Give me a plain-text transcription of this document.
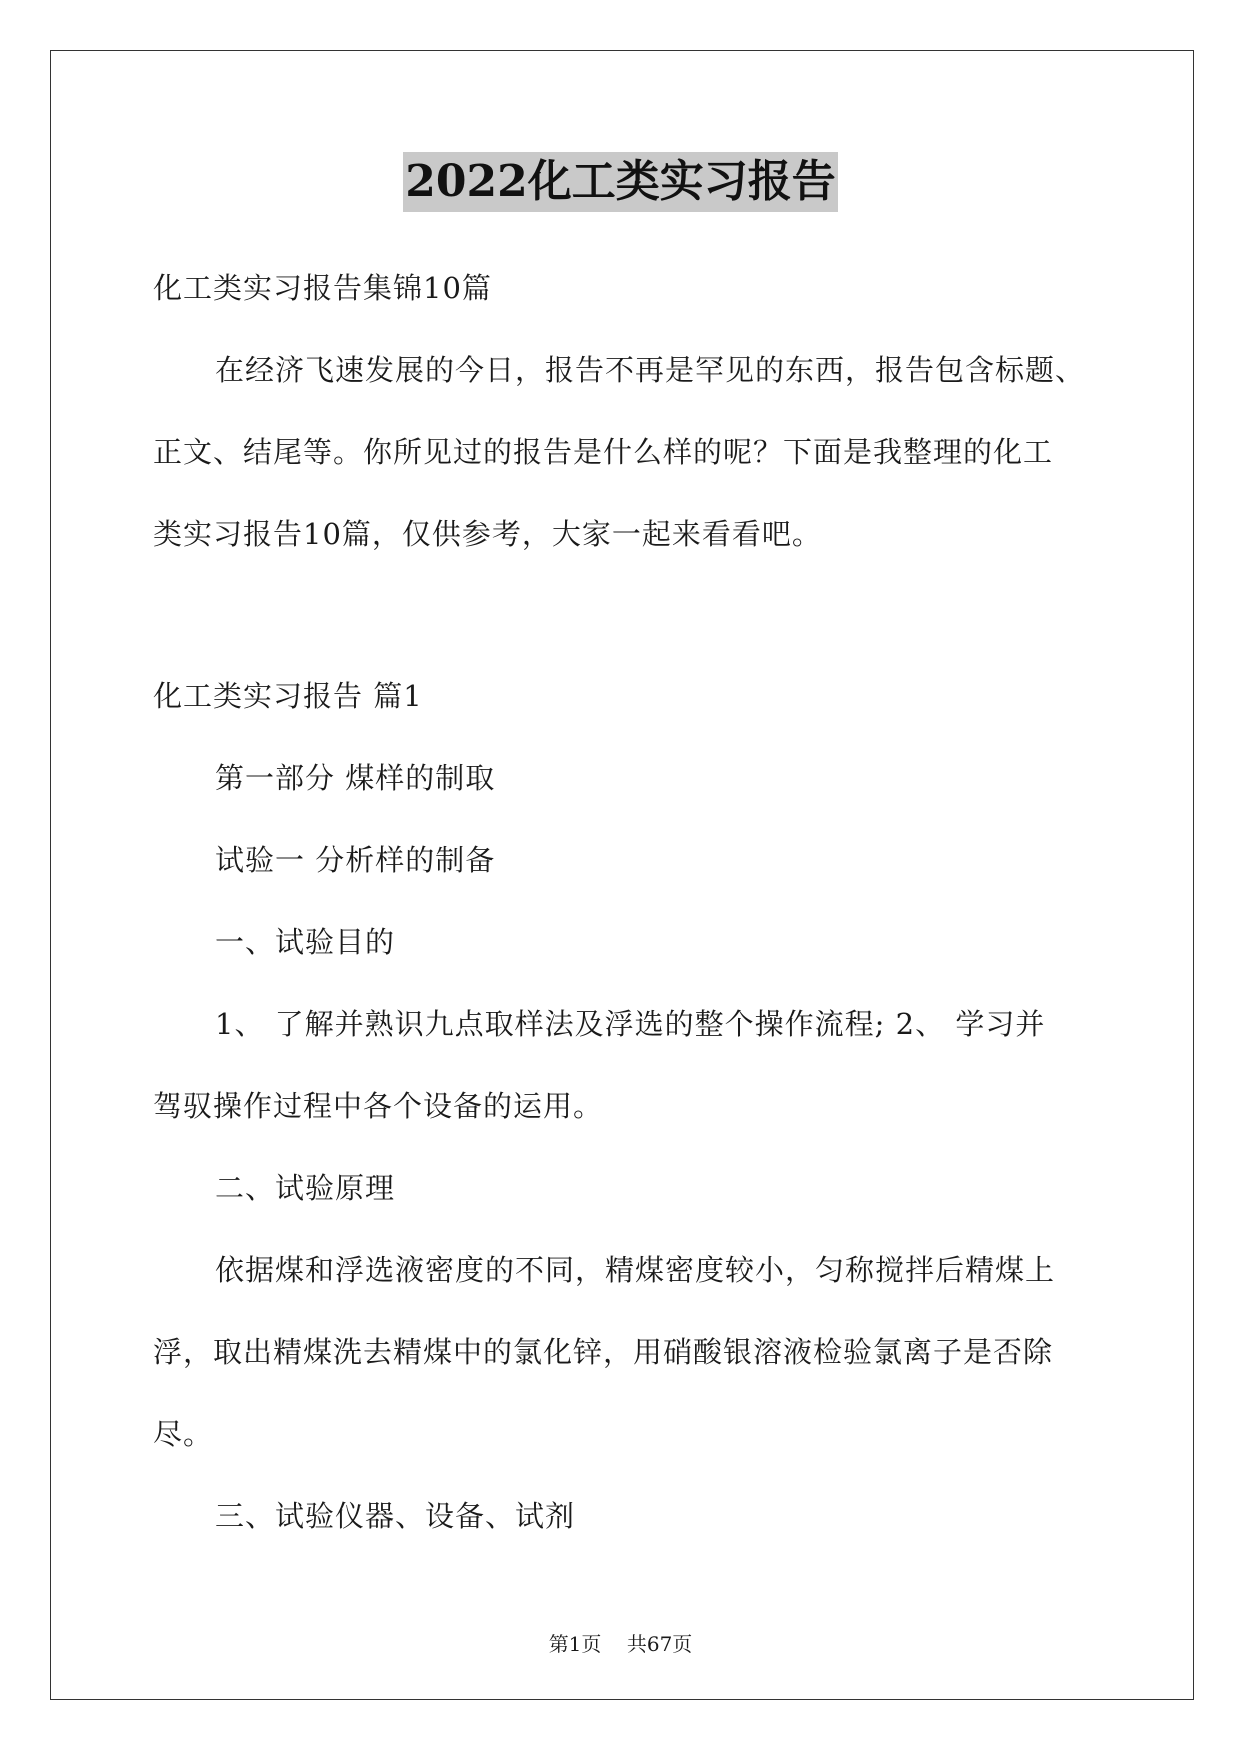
2022化工类实习报告
化工类实习报告集锦10篇
在经济飞速发展的今日，报告不再是罕见的东西，报告包含标题、
正文、结尾等。你所见过的报告是什么样的呢？下面是我整理的化工
类实习报告10篇，仅供参考，大家一起来看看吧。
化工类实习报告 篇1
第一部分 煤样的制取
试验一 分析样的制备
一、试验目的
1、 了解并熟识九点取样法及浮选的整个操作流程; 2、 学习并
驾驭操作过程中各个设备的运用。
二、试验原理
依据煤和浮选液密度的不同，精煤密度较小，匀称搅拌后精煤上
浮，取出精煤洗去精煤中的氯化锌，用硝酸银溶液检验氯离子是否除
尽。
三、试验仪器、设备、试剂
第1页 共67页
